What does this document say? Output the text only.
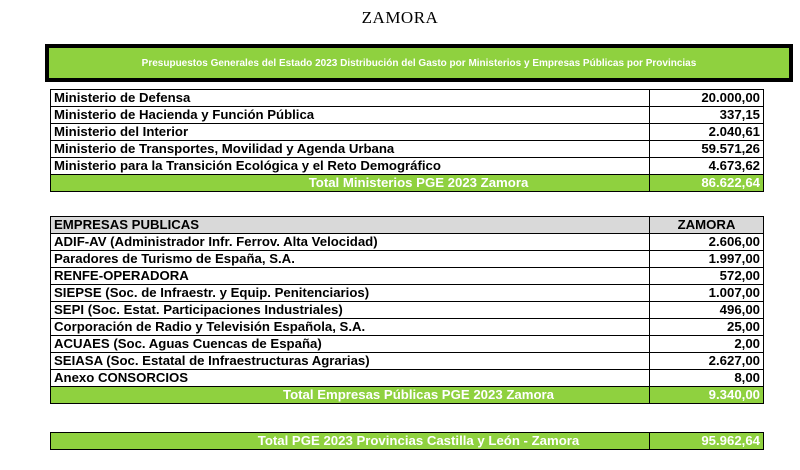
ZAMORA
Presupuestos Generales del Estado 2023 Distribución del Gasto por Ministerios y Empresas Públicas por Provincias
Ministerio de Defensa	20.000,00
Ministerio de Hacienda y Función Pública	337,15
Ministerio del Interior	2.040,61
Ministerio de Transportes, Movilidad y Agenda Urbana	59.571,26
Ministerio para la Transición Ecológica y el Reto Demográfico	4.673,62
Total Ministerios PGE 2023 Zamora	86.622,64
EMPRESAS PUBLICAS	ZAMORA
ADIF-AV (Administrador Infr. Ferrov. Alta Velocidad)	2.606,00
Paradores de Turismo de España, S.A.	1.997,00
RENFE-OPERADORA	572,00
SIEPSE (Soc. de Infraestr. y Equip. Penitenciarios)	1.007,00
SEPI (Soc. Estat. Participaciones Industriales)	496,00
Corporación de Radio y Televisión Española, S.A.	25,00
ACUAES (Soc. Aguas Cuencas de España)	2,00
SEIASA (Soc. Estatal de Infraestructuras Agrarias)	2.627,00
Anexo CONSORCIOS	8,00
Total Empresas Públicas PGE 2023 Zamora	9.340,00
Total PGE 2023 Provincias Castilla y León - Zamora	95.962,64
